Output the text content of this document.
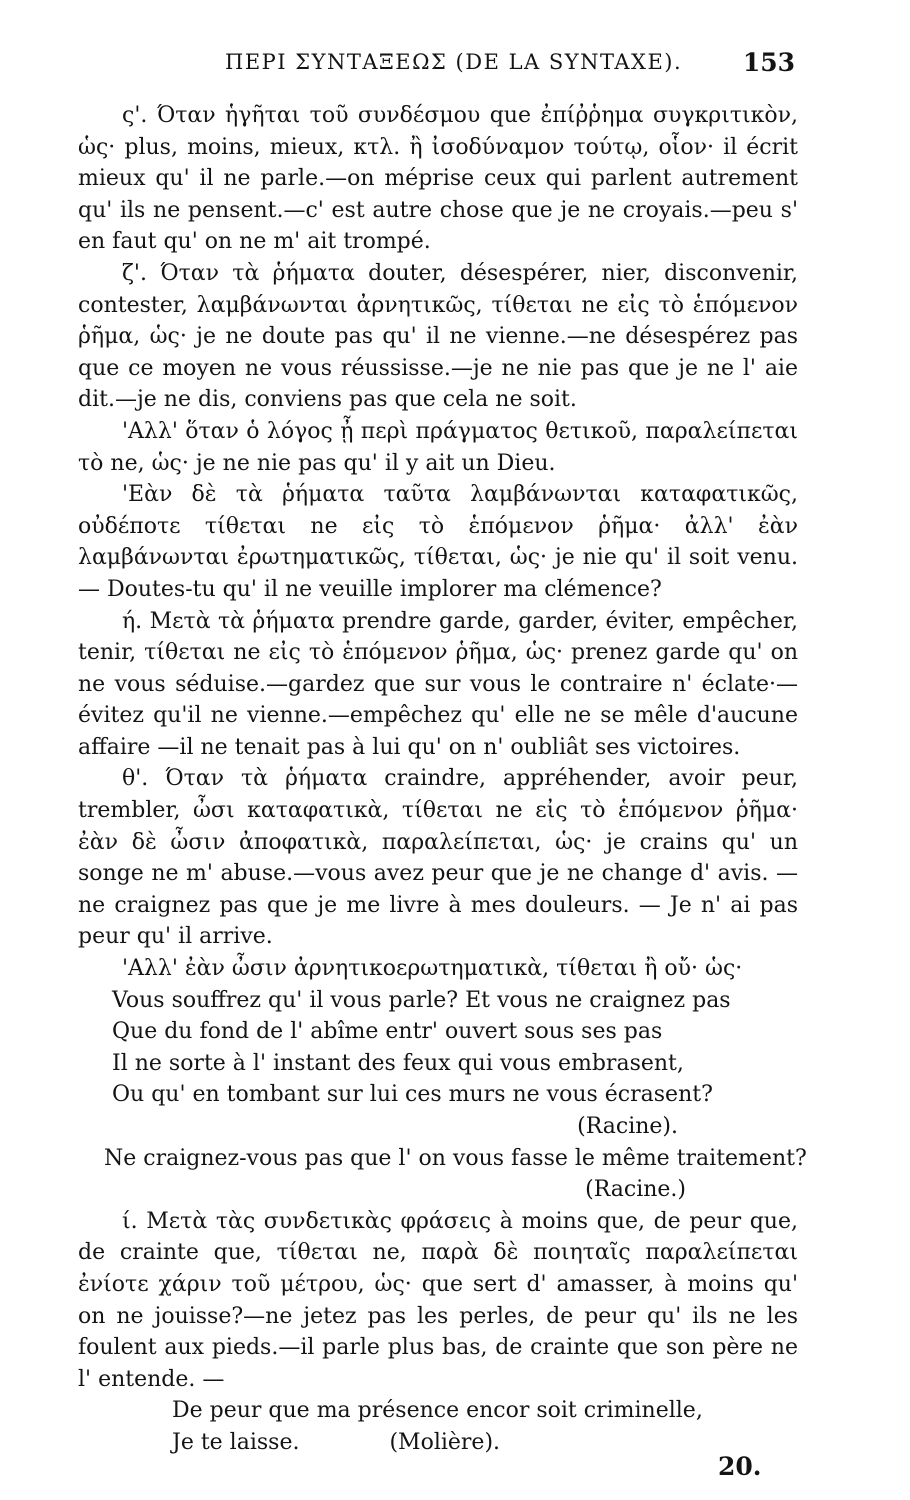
ΠΕΡΙ ΣΥΝΤΑΞΕΩΣ (DE LA SYNTAXE). 153

ς'. Όταν ἡγῆται τοῦ συνδέσμου que ἐπίῤῥημα συγκριτικὸν, ὡς· plus, moins, mieux, κτλ. ἢ ἰσοδύναμον τούτῳ, οἷον· il écrit mieux qu' il ne parle.—on méprise ceux qui parlent autrement qu' ils ne pensent.—c' est autre chose que je ne croyais.—peu s' en faut qu' on ne m' ait trompé.

ζ'. Όταν τὰ ῥήματα douter, désespérer, nier, disconvenir, contester, λαμβάνωνται ἀρνητικῶς, τίθεται ne εἰς τὸ ἑπόμενον ῥῆμα, ὡς· je ne doute pas qu' il ne vienne.—ne désespérez pas que ce moyen ne vous réussisse.—je ne nie pas que je ne l' aie dit.—je ne dis, conviens pas que cela ne soit.

'Αλλ' ὅταν ὁ λόγος ᾖ περὶ πράγματος θετικοῦ, παραλείπεται τὸ ne, ὡς· je ne nie pas qu' il y ait un Dieu.

'Εὰν δὲ τὰ ῥήματα ταῦτα λαμβάνωνται καταφατικῶς, οὐδέποτε τίθεται ne εἰς τὸ ἑπόμενον ῥῆμα· ἀλλ' ἐὰν λαμβάνωνται ἐρωτηματικῶς, τίθεται, ὡς· je nie qu' il soit venu. — Doutes-tu qu' il ne veuille implorer ma clémence?

ή. Μετὰ τὰ ῥήματα prendre garde, garder, éviter, empêcher, tenir, τίθεται ne εἰς τὸ ἑπόμενον ῥῆμα, ὡς· prenez garde qu' on ne vous séduise.—gardez que sur vous le contraire n' éclate·—évitez qu'il ne vienne.—empêchez qu' elle ne se mêle d'aucune affaire —il ne tenait pas à lui qu' on n' oubliât ses victoires.

θ'. Όταν τὰ ῥήματα craindre, appréhender, avoir peur, trembler, ὦσι καταφατικὰ, τίθεται ne εἰς τὸ ἑπόμενον ῥῆμα· ἐὰν δὲ ὦσιν ἀποφατικὰ, παραλείπεται, ὡς· je crains qu' un songe ne m' abuse.—vous avez peur que je ne change d' avis. — ne craignez pas que je me livre à mes douleurs. — Je n' ai pas peur qu' il arrive.

'Αλλ' ἐὰν ὦσιν ἀρνητικοερωτηματικὰ, τίθεται ἢ οὔ· ὡς·

Vous souffrez qu' il vous parle? Et vous ne craignez pas
Que du fond de l' abîme entr' ouvert sous ses pas
Il ne sorte à l' instant des feux qui vous embrasent,
Ou qu' en tombant sur lui ces murs ne vous écrasent?
(Racine).

Ne craignez-vous pas que l' on vous fasse le même traitement?

(Racine.)

ί. Μετὰ τὰς συνδετικὰς φράσεις à moins que, de peur que, de crainte que, τίθεται ne, παρὰ δὲ ποιηταῖς παραλείπεται ἐνίοτε χάριν τοῦ μέτρου, ὡς· que sert d' amasser, à moins qu' on ne jouisse?—ne jetez pas les perles, de peur qu' ils ne les foulent aux pieds.—il parle plus bas, de crainte que son père ne l' entende. —

De peur que ma présence encor soit criminelle,

Je te laisse.	(Molière).

20.
